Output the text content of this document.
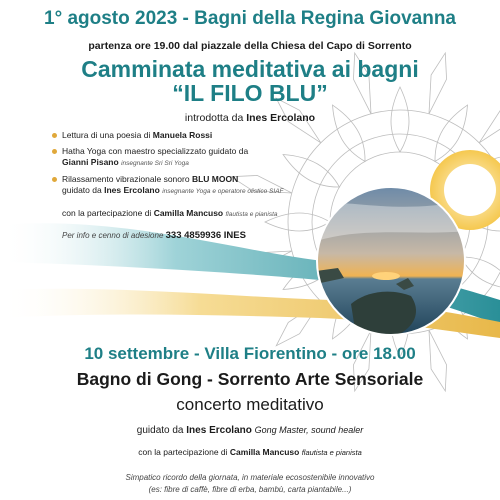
1° agosto 2023 - Bagni della Regina Giovanna
partenza ore 19.00 dal piazzale della Chiesa del Capo di Sorrento
Camminata meditativa ai bagni
“IL FILO BLU”
introdotta da Ines Ercolano
Lettura di una poesia di Manuela Rossi
Hatha Yoga con maestro specializzato guidato da
Gianni Pisano insegnante Sri Sri Yoga
Rilassamento vibrazionale sonoro BLU MOON
guidato da Ines Ercolano insegnante Yoga e operatore olistico SIAF
con la partecipazione di Camilla Mancuso flautista e pianista
Per info e cenno di adesione 333 4859936 INES
10 settembre - Villa Fiorentino - ore 18.00
Bagno di Gong - Sorrento Arte Sensoriale
concerto meditativo
guidato da Ines Ercolano Gong Master, sound healer
con la partecipazione di Camilla Mancuso flautista e pianista
Simpatico ricordo della giornata, in materiale ecosostenibile innovativo
(es: fibre di caffè, fibre di erba, bambù, carta piantabile...)
